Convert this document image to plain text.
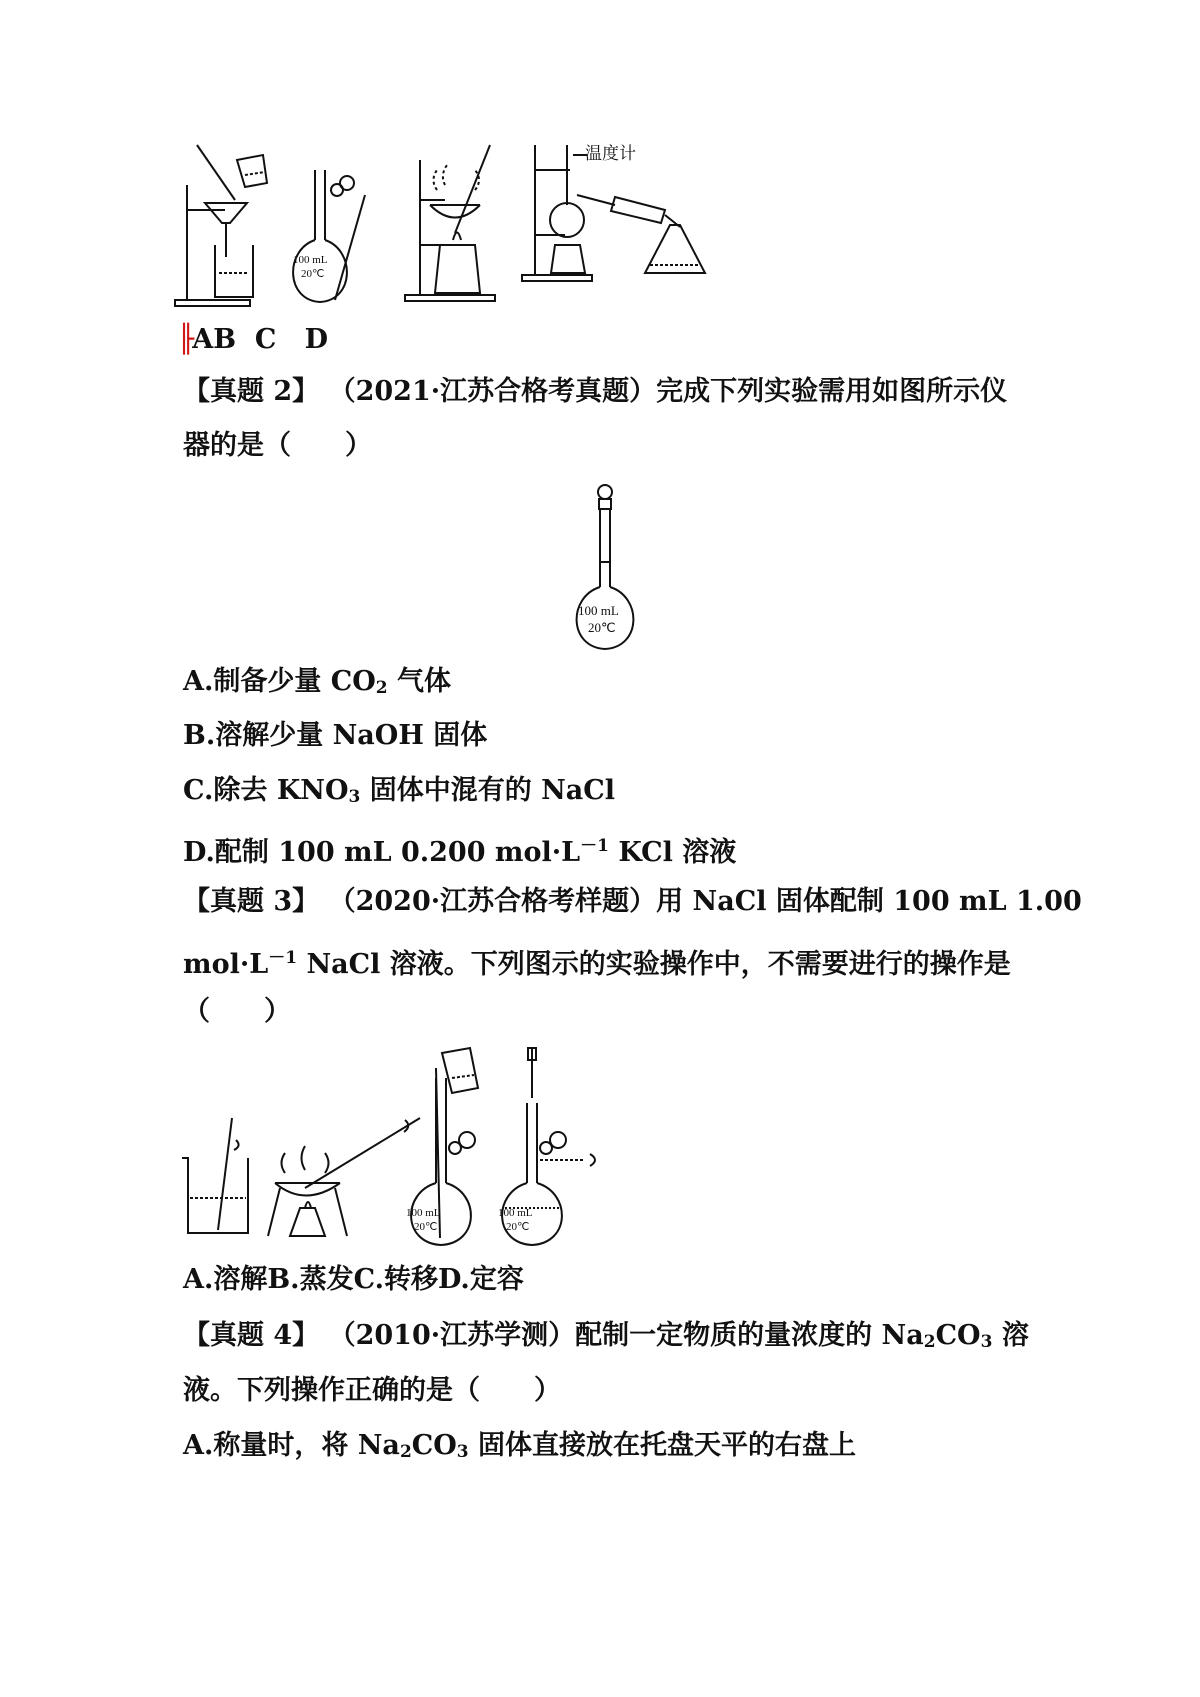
100 mL
20℃
温度计
╟AB C D
【真题 2】 （2021·江苏合格考真题）完成下列实验需用如图所示仪
器的是（　　）
100 mL
20℃
A.制备少量 $CO_2$ 气体
B.溶解少量 NaOH 固体
C.除去 $KNO_3$ 固体中混有的 NaCl
D.配制 100 mL 0.200 $mol\cdot L^{-1}$ KCl 溶液
【真题 3】 （2020·江苏合格考样题）用 NaCl 固体配制 100 mL 1.00
$mol\cdot L^{-1}$ NaCl 溶液。下列图示的实验操作中，不需要进行的操作是
（　　）
100 mL
20℃
100 mL
20℃
A.溶解B.蒸发C.转移D.定容
【真题 4】 （2010·江苏学测）配制一定物质的量浓度的 $Na_2CO_3$ 溶
液。下列操作正确的是（　　）
A.称量时，将 $Na_2CO_3$ 固体直接放在托盘天平的右盘上
